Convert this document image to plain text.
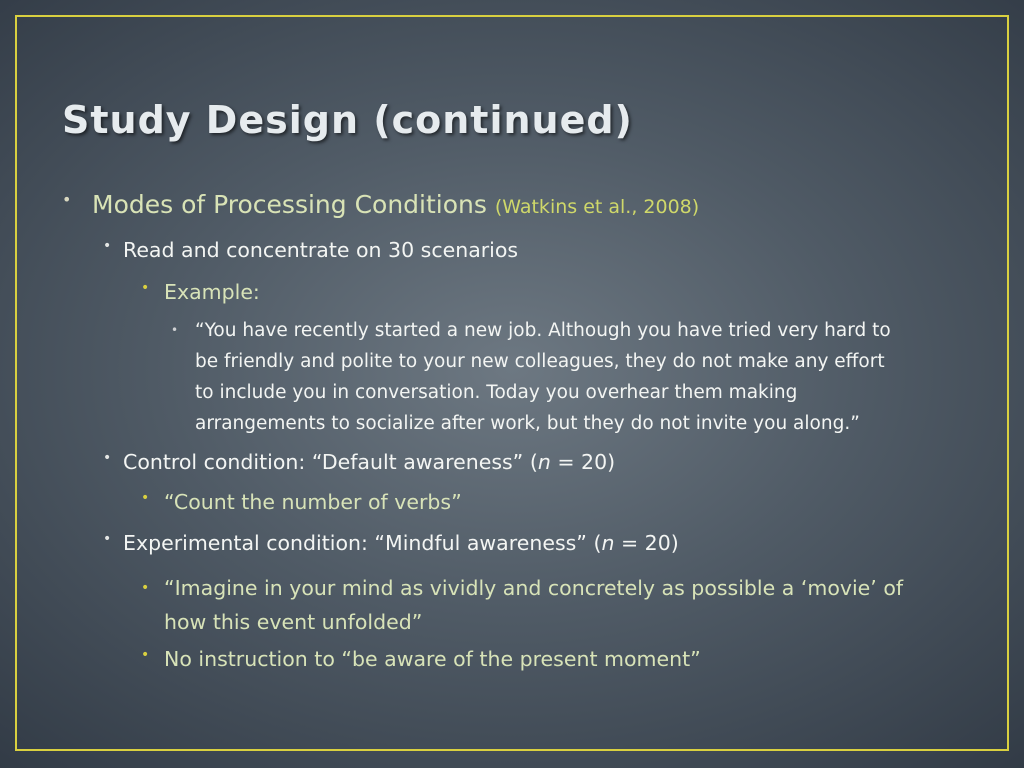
Study Design (continued)
• Modes of Processing Conditions (Watkins et al., 2008)
• Read and concentrate on 30 scenarios
• Example:
• “You have recently started a new job. Although you have tried very hard to
be friendly and polite to your new colleagues, they do not make any effort
to include you in conversation. Today you overhear them making
arrangements to socialize after work, but they do not invite you along.”
• Control condition: “Default awareness” (n = 20)
• “Count the number of verbs”
• Experimental condition: “Mindful awareness” (n = 20)
• “Imagine in your mind as vividly and concretely as possible a ‘movie’ of
how this event unfolded”
• No instruction to “be aware of the present moment”
